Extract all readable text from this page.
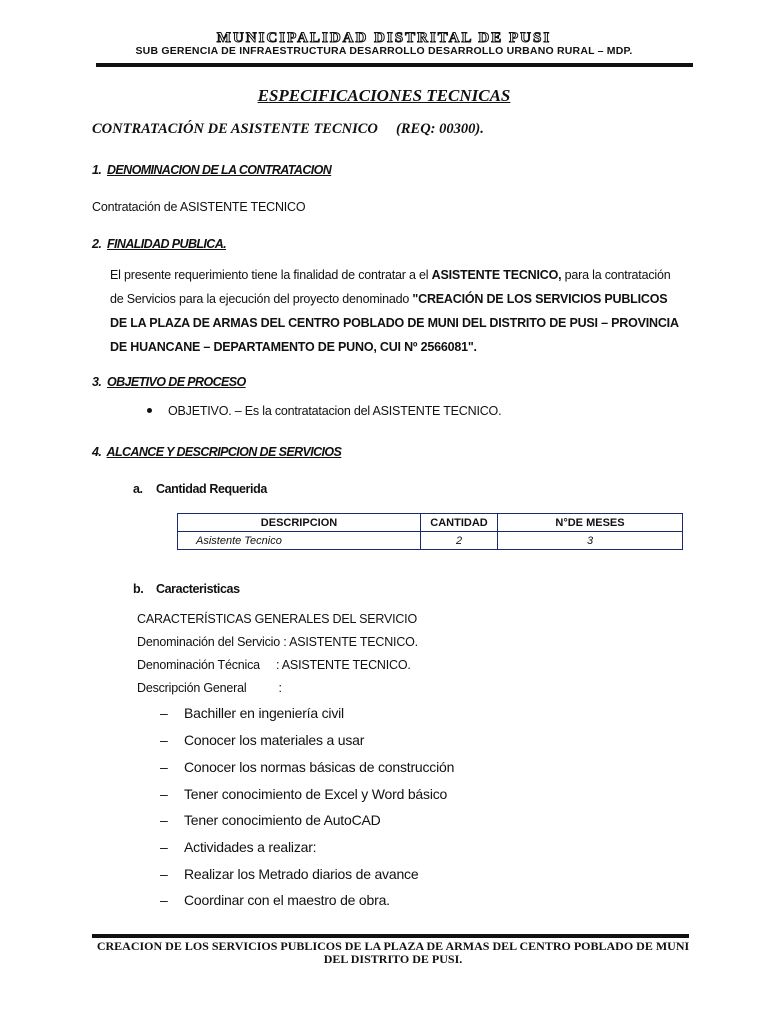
MUNICIPALIDAD DISTRITAL DE PUSI
SUB GERENCIA DE INFRAESTRUCTURA DESARROLLO DESARROLLO URBANO RURAL – MDP.
ESPECIFICACIONES TECNICAS
CONTRATACIÓN DE ASISTENTE TECNICO     (REQ: 00300).
1. DENOMINACION DE LA CONTRATACION
Contratación de ASISTENTE TECNICO
2. FINALIDAD PUBLICA.
El presente requerimiento tiene la finalidad de contratar a el ASISTENTE TECNICO, para la contratación de Servicios para la ejecución del proyecto denominado "CREACIÓN DE LOS SERVICIOS PUBLICOS DE LA PLAZA DE ARMAS DEL CENTRO POBLADO DE MUNI DEL DISTRITO DE PUSI – PROVINCIA DE HUANCANE – DEPARTAMENTO DE PUNO, CUI Nº 2566081".
3. OBJETIVO DE PROCESO
OBJETIVO. – Es la contratatacion del ASISTENTE TECNICO.
4. ALCANCE Y DESCRIPCION DE SERVICIOS
a. Cantidad Requerida
DESCRIPCION	CANTIDAD	N°DE MESES
Asistente Tecnico	2	3
b. Caracteristicas
CARACTERÍSTICAS GENERALES DEL SERVICIO
Denominación del Servicio : ASISTENTE TECNICO.
Denominación Técnica : ASISTENTE TECNICO.
Descripción General	:
– Bachiller en ingeniería civil
– Conocer los materiales a usar
– Conocer los normas básicas de construcción
– Tener conocimiento de Excel y Word básico
– Tener conocimiento de AutoCAD
– Actividades a realizar:
– Realizar los Metrado diarios de avance
– Coordinar con el maestro de obra.
CREACION DE LOS SERVICIOS PUBLICOS DE LA PLAZA DE ARMAS DEL CENTRO POBLADO DE MUNI DEL DISTRITO DE PUSI.
